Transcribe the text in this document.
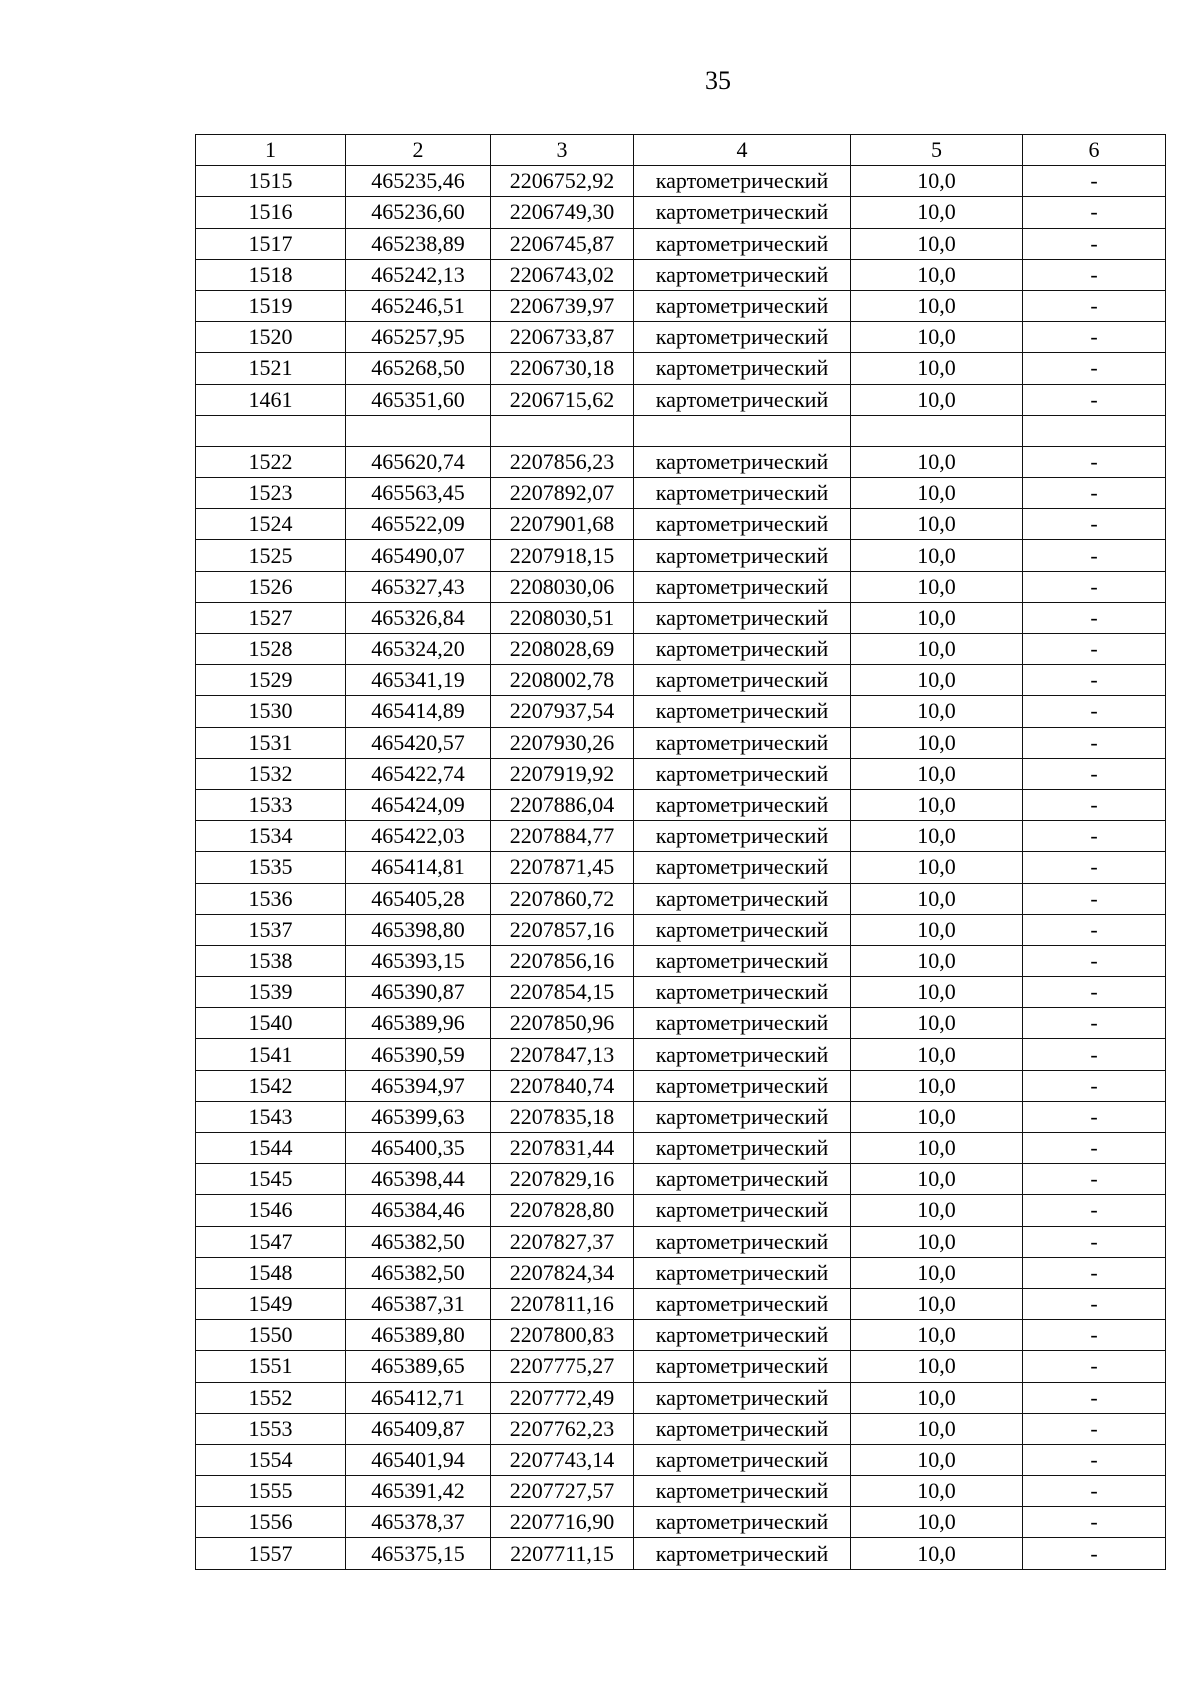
35
1	2	3	4	5	6
1515	465235,46	2206752,92	картометрический	10,0	-
1516	465236,60	2206749,30	картометрический	10,0	-
1517	465238,89	2206745,87	картометрический	10,0	-
1518	465242,13	2206743,02	картометрический	10,0	-
1519	465246,51	2206739,97	картометрический	10,0	-
1520	465257,95	2206733,87	картометрический	10,0	-
1521	465268,50	2206730,18	картометрический	10,0	-
1461	465351,60	2206715,62	картометрический	10,0	-

1522	465620,74	2207856,23	картометрический	10,0	-
1523	465563,45	2207892,07	картометрический	10,0	-
1524	465522,09	2207901,68	картометрический	10,0	-
1525	465490,07	2207918,15	картометрический	10,0	-
1526	465327,43	2208030,06	картометрический	10,0	-
1527	465326,84	2208030,51	картометрический	10,0	-
1528	465324,20	2208028,69	картометрический	10,0	-
1529	465341,19	2208002,78	картометрический	10,0	-
1530	465414,89	2207937,54	картометрический	10,0	-
1531	465420,57	2207930,26	картометрический	10,0	-
1532	465422,74	2207919,92	картометрический	10,0	-
1533	465424,09	2207886,04	картометрический	10,0	-
1534	465422,03	2207884,77	картометрический	10,0	-
1535	465414,81	2207871,45	картометрический	10,0	-
1536	465405,28	2207860,72	картометрический	10,0	-
1537	465398,80	2207857,16	картометрический	10,0	-
1538	465393,15	2207856,16	картометрический	10,0	-
1539	465390,87	2207854,15	картометрический	10,0	-
1540	465389,96	2207850,96	картометрический	10,0	-
1541	465390,59	2207847,13	картометрический	10,0	-
1542	465394,97	2207840,74	картометрический	10,0	-
1543	465399,63	2207835,18	картометрический	10,0	-
1544	465400,35	2207831,44	картометрический	10,0	-
1545	465398,44	2207829,16	картометрический	10,0	-
1546	465384,46	2207828,80	картометрический	10,0	-
1547	465382,50	2207827,37	картометрический	10,0	-
1548	465382,50	2207824,34	картометрический	10,0	-
1549	465387,31	2207811,16	картометрический	10,0	-
1550	465389,80	2207800,83	картометрический	10,0	-
1551	465389,65	2207775,27	картометрический	10,0	-
1552	465412,71	2207772,49	картометрический	10,0	-
1553	465409,87	2207762,23	картометрический	10,0	-
1554	465401,94	2207743,14	картометрический	10,0	-
1555	465391,42	2207727,57	картометрический	10,0	-
1556	465378,37	2207716,90	картометрический	10,0	-
1557	465375,15	2207711,15	картометрический	10,0	-
